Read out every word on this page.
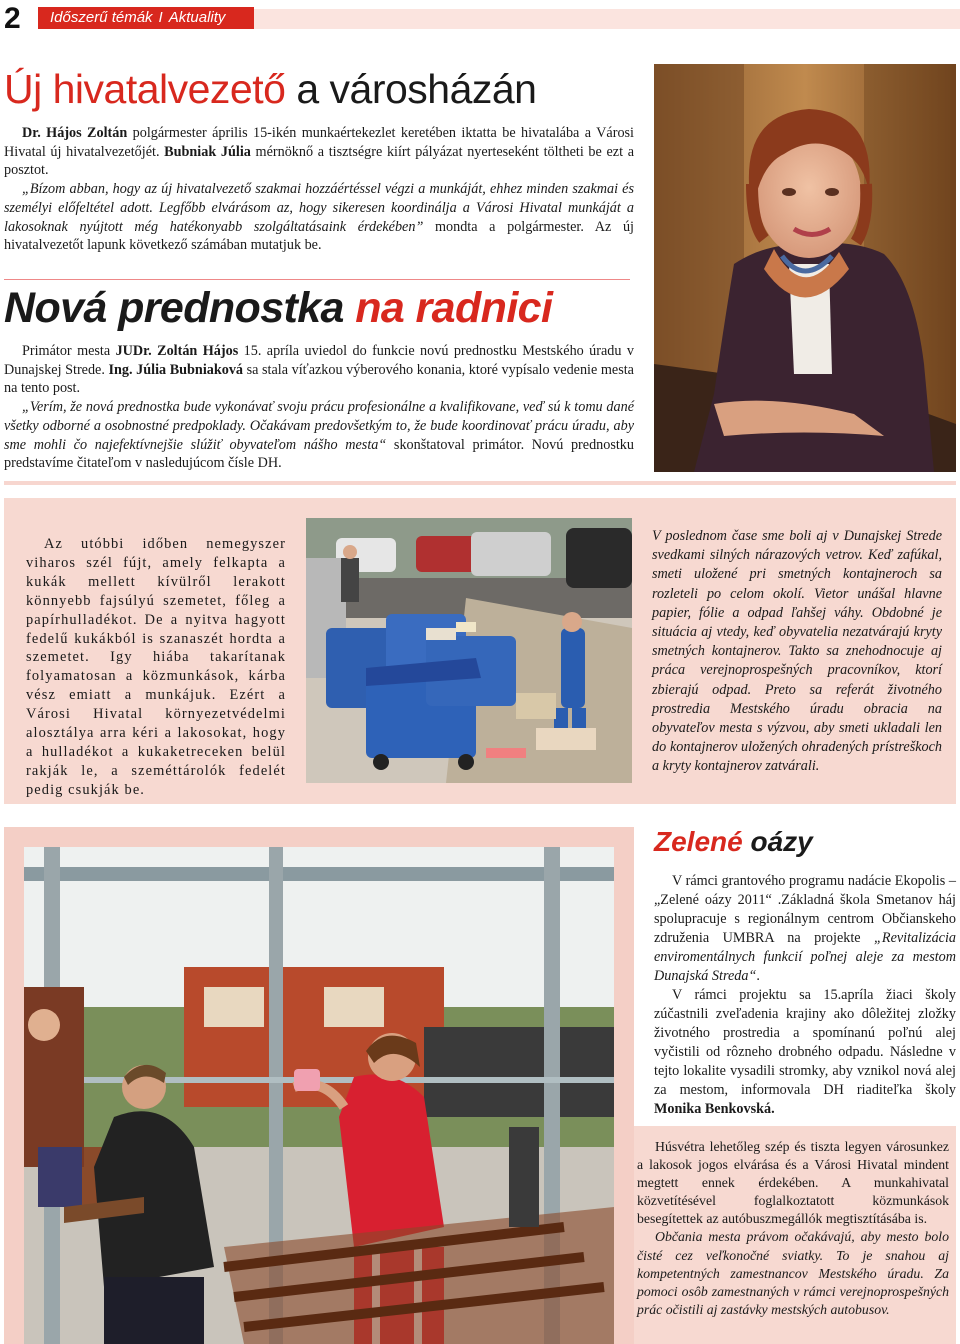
2	Időszerű témák I Aktuality
Új hivatalvezető a városházán

Dr. Hájos Zoltán polgármester április 15-ikén munkaértekezlet keretében iktatta be hivatalába a Városi Hivatal új hivatalvezetőjét. Bubniak Júlia mérnöknő a tisztségre kiírt pályázat nyerteseként töltheti be ezt a posztot.

„Bízom abban, hogy az új hivatalvezető szakmai hozzáértéssel végzi a munkáját, ehhez minden szakmai és személyi előfeltétel adott. Legfőbb elvárásom az, hogy sikeresen koordinálja a Városi Hivatal munkáját a lakosoknak nyújtott még hatékonyabb szolgáltatásaink érdekében” mondta a polgármester. Az új hivatalvezetőt lapunk következő számában mutatjuk be.

Nová prednostka na radnici

Primátor mesta JUDr. Zoltán Hájos 15. apríla uviedol do funkcie novú prednostku Mestského úradu v Dunajskej Strede. Ing. Júlia Bubniaková sa stala víťazkou výberového konania, ktoré vypísalo vedenie mesta na tento post.

„Verím, že nová prednostka bude vykonávať svoju prácu profesionálne a kvalifikovane, veď sú k tomu dané všetky odborné a osobnostné predpoklady. Očakávam predovšetkým to, že bude koordinovať prácu úradu, aby sme mohli čo najefektívnejšie slúžiť obyvateľom nášho mesta“ skonštatoval primátor. Novú prednostku predstavíme čitateľom v nasledujúcom čísle DH.

Az utóbbi időben nemegyszer viharos szél fújt, amely felkapta a kukák mellett kívülről lerakott könnyebb fajsúlyú szemetet, főleg a papírhulladékot. De a nyitva hagyott fedelű kukákból is szanaszét hordta a szemetet. Igy hiába takarítanak folyamatosan a közmunkások, kárba vész emiatt a munkájuk. Ezért a Városi Hivatal környezetvédelmi alosztálya arra kéri a lakosokat, hogy a hulladékot a kukaketreceken belül rakják le, a szeméttárolók fedelét pedig csukják be.

V poslednom čase sme boli aj v Dunajskej Strede svedkami silných nárazových vetrov. Keď zafúkal, smeti uložené pri smetných kontajneroch sa rozleteli po celom okolí. Vietor unášal hlavne papier, fólie a odpad ľahšej váhy. Obdobné je situácia aj vtedy, keď obyvatelia nezatvárajú kryty smetných kontajnerov. Takto sa znehodnocuje aj práca verejnoprospešných pracovníkov, ktorí zbierajú odpad. Preto sa referát životného prostredia Mestského úradu obracia na obyvateľov mesta s výzvou, aby smeti ukladali len do kontajnerov uložených ohradených prístreškoch a kryty kontajnerov zatvárali.

Zelené oázy

V rámci grantového programu nadácie Ekopolis – „Zelené oázy 2011“ .Základná škola Smetanov háj spolupracuje s regionálnym centrom Občianskeho združenia UMBRA na projekte „Revitalizácia enviromentálnych funkcií poľnej aleje za mestom Dunajská Streda“.

V rámci projektu sa 15.apríla žiaci školy zúčastnili zveľadenia krajiny ako dôležitej zložky životného prostredia a spomínanú poľnú alej vyčistili od rôzneho drobného odpadu. Následne v tejto lokalite vysadili stromky, aby vznikol nová alej za mestom, informovala DH riaditeľka školy Monika Benkovská.

Húsvétra lehetőleg szép és tiszta legyen városunkez a lakosok jogos elvárása és a Városi Hivatal mindent megtett ennek érdekében. A munkahivatal közvetítésével foglalkoztatott közmunkások besegítettek az autóbuszmegállók megtisztításába is.

Občania mesta právom očakávajú, aby mesto bolo čisté cez veľkonočné sviatky. To je snahou aj kompetentných zamestnancov Mestského úradu. Za pomoci osôb zamestnaných v rámci verejnoprospešných prác očistili aj zastávky mestských autobusov.
